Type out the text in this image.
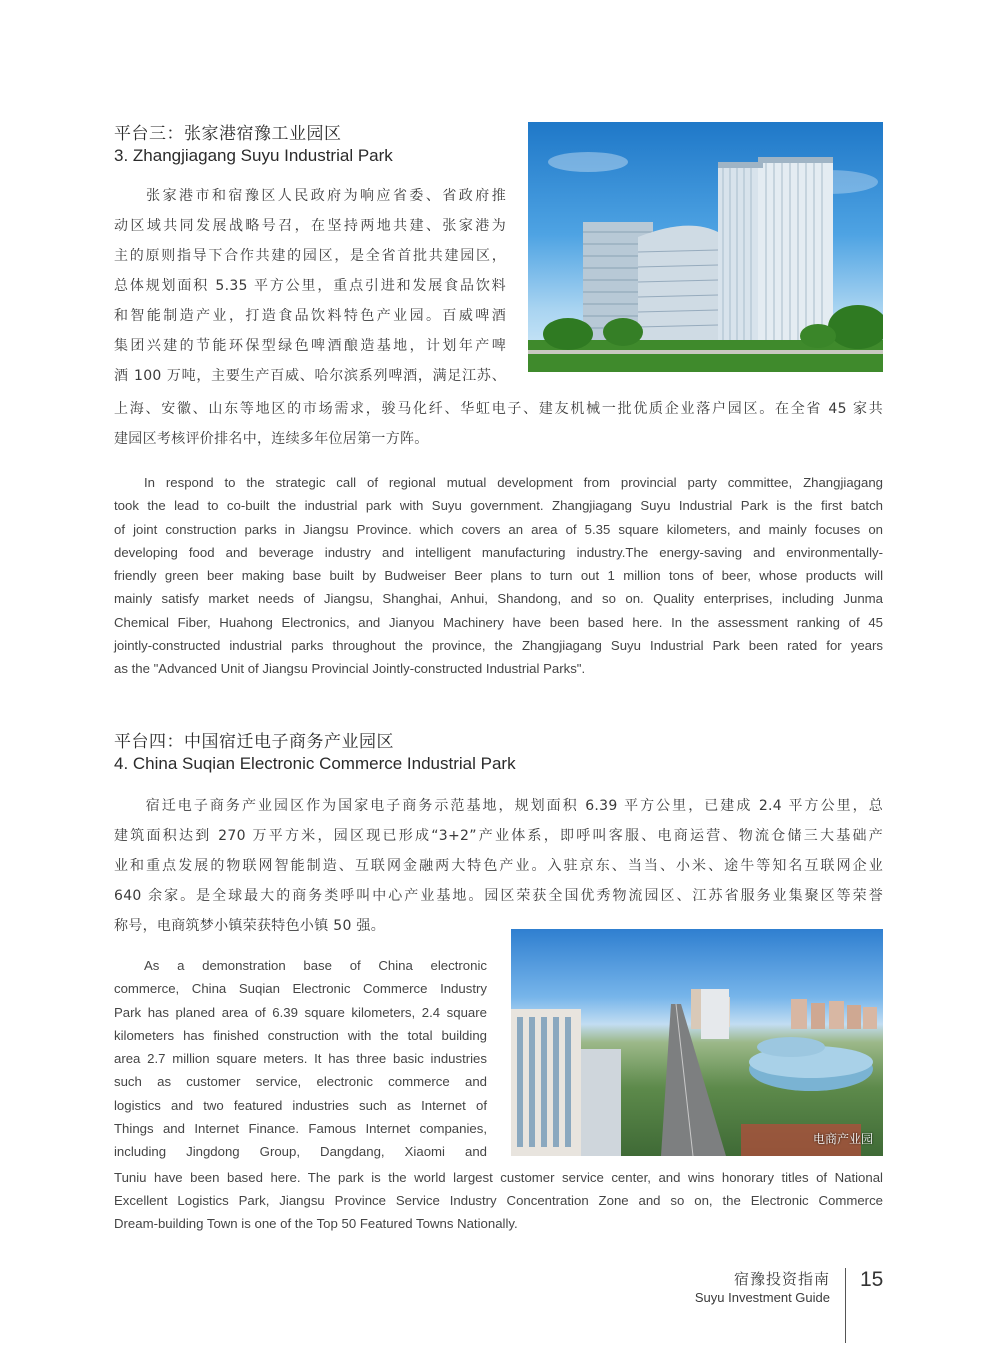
平台三：张家港宿豫工业园区
3. Zhangjiagang Suyu Industrial Park
张家港市和宿豫区人民政府为响应省委、省政府推
动区域共同发展战略号召，在坚持两地共建、张家港为
主的原则指导下合作共建的园区，是全省首批共建园区，
总体规划面积 5.35 平方公里，重点引进和发展食品饮料
和智能制造产业，打造食品饮料特色产业园。百威啤酒
集团兴建的节能环保型绿色啤酒酿造基地，计划年产啤
酒 100 万吨，主要生产百威、哈尔滨系列啤酒，满足江苏、
上海、安徽、山东等地区的市场需求，骏马化纤、华虹电子、建友机械一批优质企业落户园区。在全省 45 家共
建园区考核评价排名中，连续多年位居第一方阵。
In respond to the strategic call of regional mutual development from provincial party committee, Zhangjiagang
took the lead to co-built the industrial park with Suyu government. Zhangjiagang Suyu Industrial Park is the first batch
of joint construction parks in Jiangsu Province. which covers an area of 5.35 square kilometers, and mainly focuses on
developing food and beverage industry and intelligent manufacturing industry.The energy-saving and environmentally-
friendly green beer making base built by Budweiser Beer plans to turn out 1 million tons of beer, whose products will
mainly satisfy market needs of Jiangsu, Shanghai, Anhui, Shandong, and so on. Quality enterprises, including Junma
Chemical Fiber, Huahong Electronics, and Jianyou Machinery have been based here. In the assessment ranking of 45
jointly-constructed industrial parks throughout the province, the Zhangjiagang Suyu Industrial Park been rated for years
as the "Advanced Unit of Jiangsu Provincial Jointly-constructed Industrial Parks".
平台四：中国宿迁电子商务产业园区
4. China Suqian Electronic Commerce Industrial Park
宿迁电子商务产业园区作为国家电子商务示范基地，规划面积 6.39 平方公里，已建成 2.4 平方公里，总
建筑面积达到 270 万平方米，园区现已形成“3+2”产业体系，即呼叫客服、电商运营、物流仓储三大基础产
业和重点发展的物联网智能制造、互联网金融两大特色产业。入驻京东、当当、小米、途牛等知名互联网企业
640 余家。是全球最大的商务类呼叫中心产业基地。园区荣获全国优秀物流园区、江苏省服务业集聚区等荣誉
称号，电商筑梦小镇荣获特色小镇 50 强。
电商产业园
As a demonstration base of China electronic
commerce, China Suqian Electronic Commerce Industry
Park has planed area of 6.39 square kilometers, 2.4 square
kilometers has finished construction with the total building
area 2.7 million square meters. It has three basic industries
such as customer service, electronic commerce and
logistics and two featured industries such as Internet of
Things and Internet Finance. Famous Internet companies,
including Jingdong Group, Dangdang, Xiaomi and
Tuniu have been based here. The park is the world largest customer service center, and wins honorary titles of National
Excellent Logistics Park, Jiangsu Province Service Industry Concentration Zone and so on, the Electronic Commerce
Dream-building Town is one of the Top 50 Featured Towns Nationally.
宿豫投资指南
Suyu Investment Guide
15
